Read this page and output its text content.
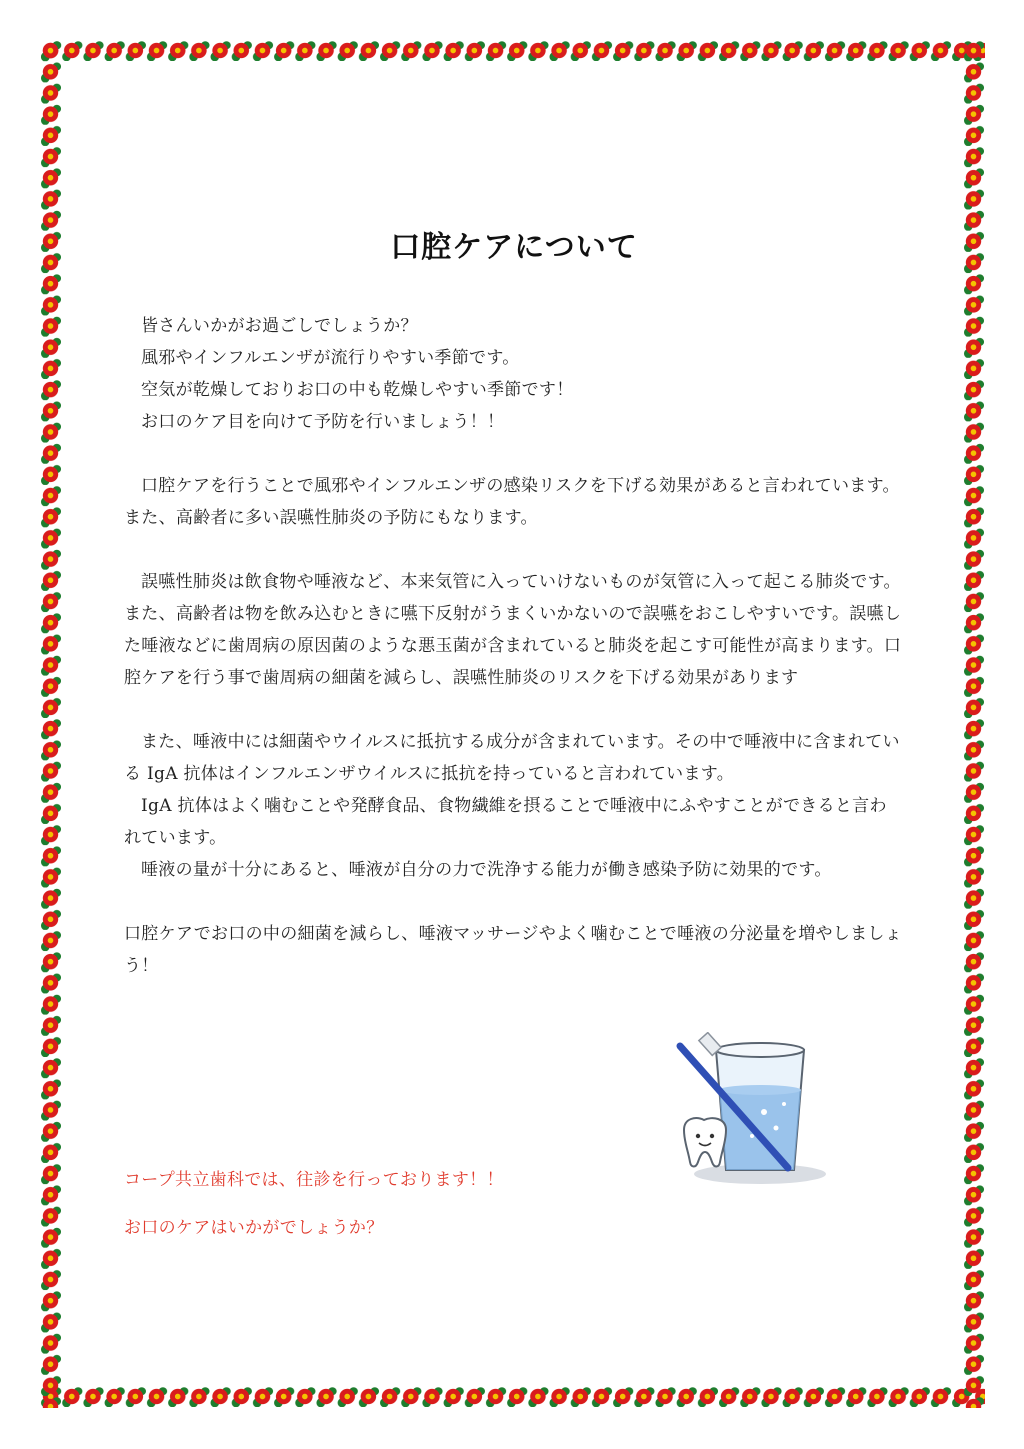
口腔ケアについて

皆さんいかがお過ごしでしょうか？

風邪やインフルエンザが流行りやすい季節です。

空気が乾燥しておりお口の中も乾燥しやすい季節です！

お口のケア目を向けて予防を行いましょう！！

口腔ケアを行うことで風邪やインフルエンザの感染リスクを下げる効果があると言われています。また、高齢者に多い誤嚥性肺炎の予防にもなります。

誤嚥性肺炎は飲食物や唾液など、本来気管に入っていけないものが気管に入って起こる肺炎です。また、高齢者は物を飲み込むときに嚥下反射がうまくいかないので誤嚥をおこしやすいです。誤嚥した唾液などに歯周病の原因菌のような悪玉菌が含まれていると肺炎を起こす可能性が高まります。口腔ケアを行う事で歯周病の細菌を減らし、誤嚥性肺炎のリスクを下げる効果があります

また、唾液中には細菌やウイルスに抵抗する成分が含まれています。その中で唾液中に含まれている IgA 抗体はインフルエンザウイルスに抵抗を持っていると言われています。

IgA 抗体はよく噛むことや発酵食品、食物繊維を摂ることで唾液中にふやすことができると言われています。

唾液の量が十分にあると、唾液が自分の力で洗浄する能力が働き感染予防に効果的です。

口腔ケアでお口の中の細菌を減らし、唾液マッサージやよく噛むことで唾液の分泌量を増やしましょう！

コープ共立歯科では、往診を行っております！！

お口のケアはいかがでしょうか？
